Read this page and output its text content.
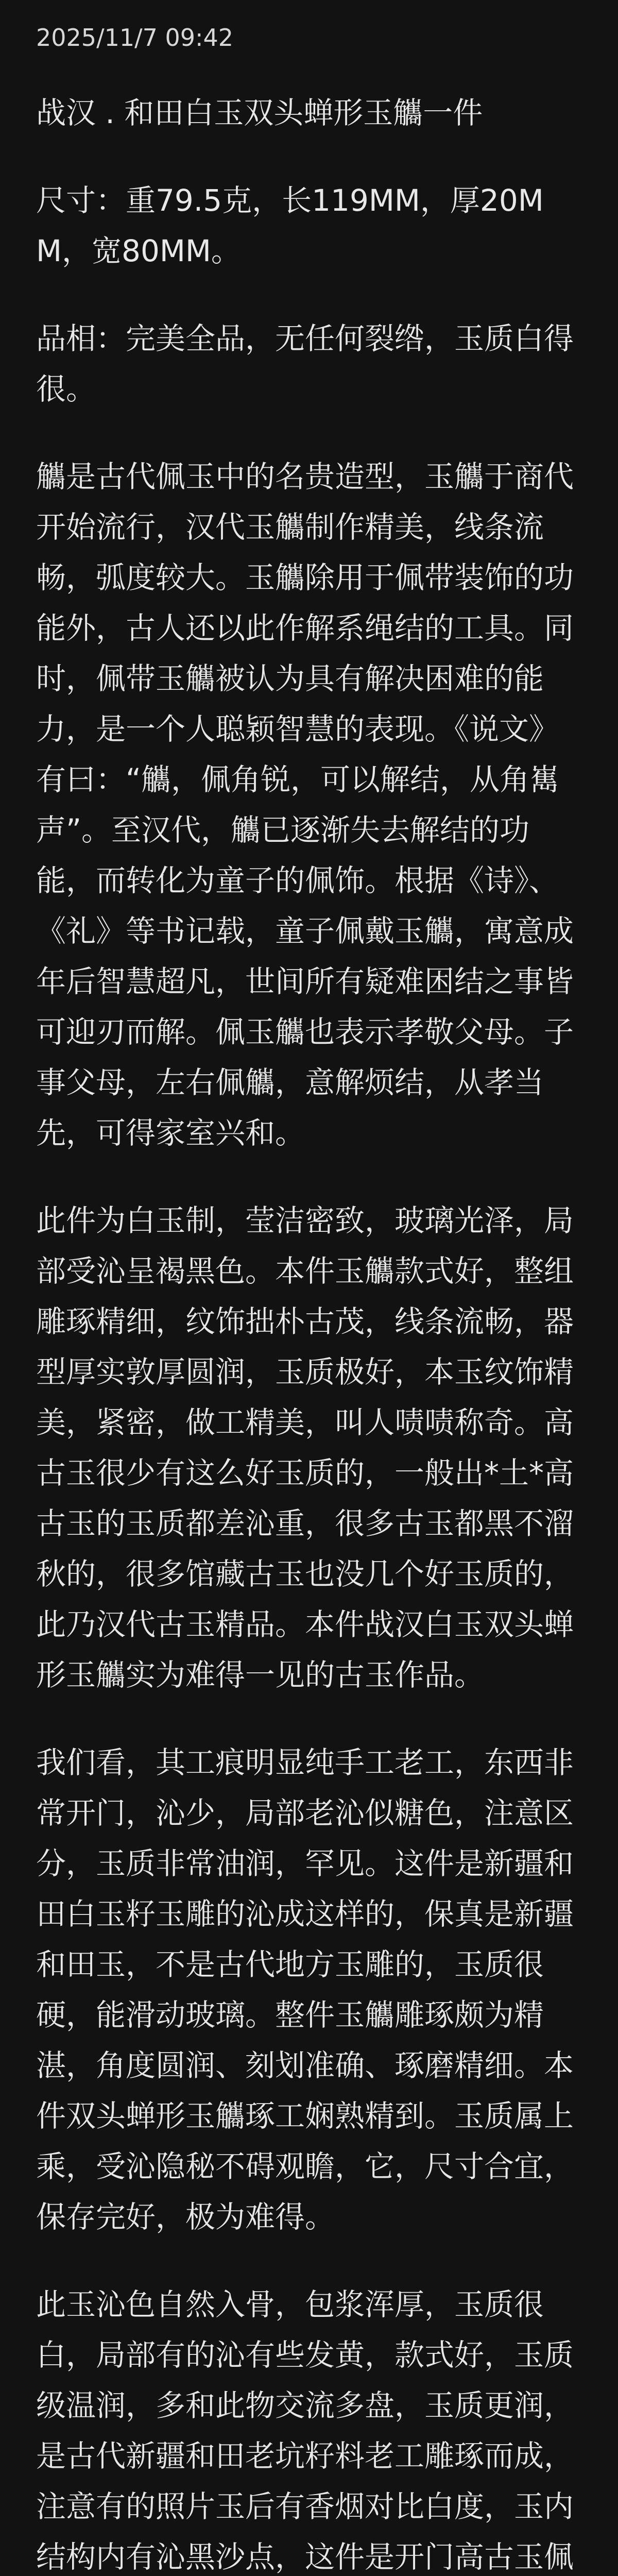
2025/11/7 09:42

战汉 . 和田白玉双头蝉形玉觿一件

尺寸：重79.5克，长119MM，厚20MM，宽80MM。

品相：完美全品，无任何裂绺，玉质白得很。

觿是古代佩玉中的名贵造型，玉觿于商代开始流行，汉代玉觿制作精美，线条流畅，弧度较大。玉觿除用于佩带装饰的功能外，古人还以此作解系绳结的工具。同时，佩带玉觿被认为具有解决困难的能力，是一个人聪颖智慧的表现。《说文》有曰：“觿，佩角锐，可以解结，从角嶲声”。至汉代，觿已逐渐失去解结的功能，而转化为童子的佩饰。根据《诗》、《礼》等书记载，童子佩戴玉觿，寓意成年后智慧超凡，世间所有疑难困结之事皆可迎刃而解。佩玉觿也表示孝敬父母。子事父母，左右佩觿，意解烦结，从孝当先，可得家室兴和。

此件为白玉制，莹洁密致，玻璃光泽，局部受沁呈褐黑色。本件玉觿款式好，整组雕琢精细，纹饰拙朴古茂，线条流畅，器型厚实敦厚圆润，玉质极好，本玉纹饰精美，紧密，做工精美，叫人啧啧称奇。高古玉很少有这么好玉质的，一般出*土*高古玉的玉质都差沁重，很多古玉都黑不溜秋的，很多馆藏古玉也没几个好玉质的，此乃汉代古玉精品。本件战汉白玉双头蝉形玉觿实为难得一见的古玉作品。

我们看，其工痕明显纯手工老工，东西非常开门，沁少，局部老沁似糖色，注意区分，玉质非常油润，罕见。这件是新疆和田白玉籽玉雕的沁成这样的，保真是新疆和田玉，不是古代地方玉雕的，玉质很硬，能滑动玻璃。整件玉觿雕琢颇为精湛，角度圆润、刻划准确、琢磨精细。本件双头蝉形玉觿琢工娴熟精到。玉质属上乘，受沁隐秘不碍观瞻，它，尺寸合宜，保存完好，极为难得。

此玉沁色自然入骨，包浆浑厚，玉质很白，局部有的沁有些发黄，款式好，玉质级温润，多和此物交流多盘，玉质更润，是古代新疆和田老坑籽料老工雕琢而成，注意有的照片玉后有香烟对比白度，玉内结构内有沁黑沙点，这件是开门高古玉佩
